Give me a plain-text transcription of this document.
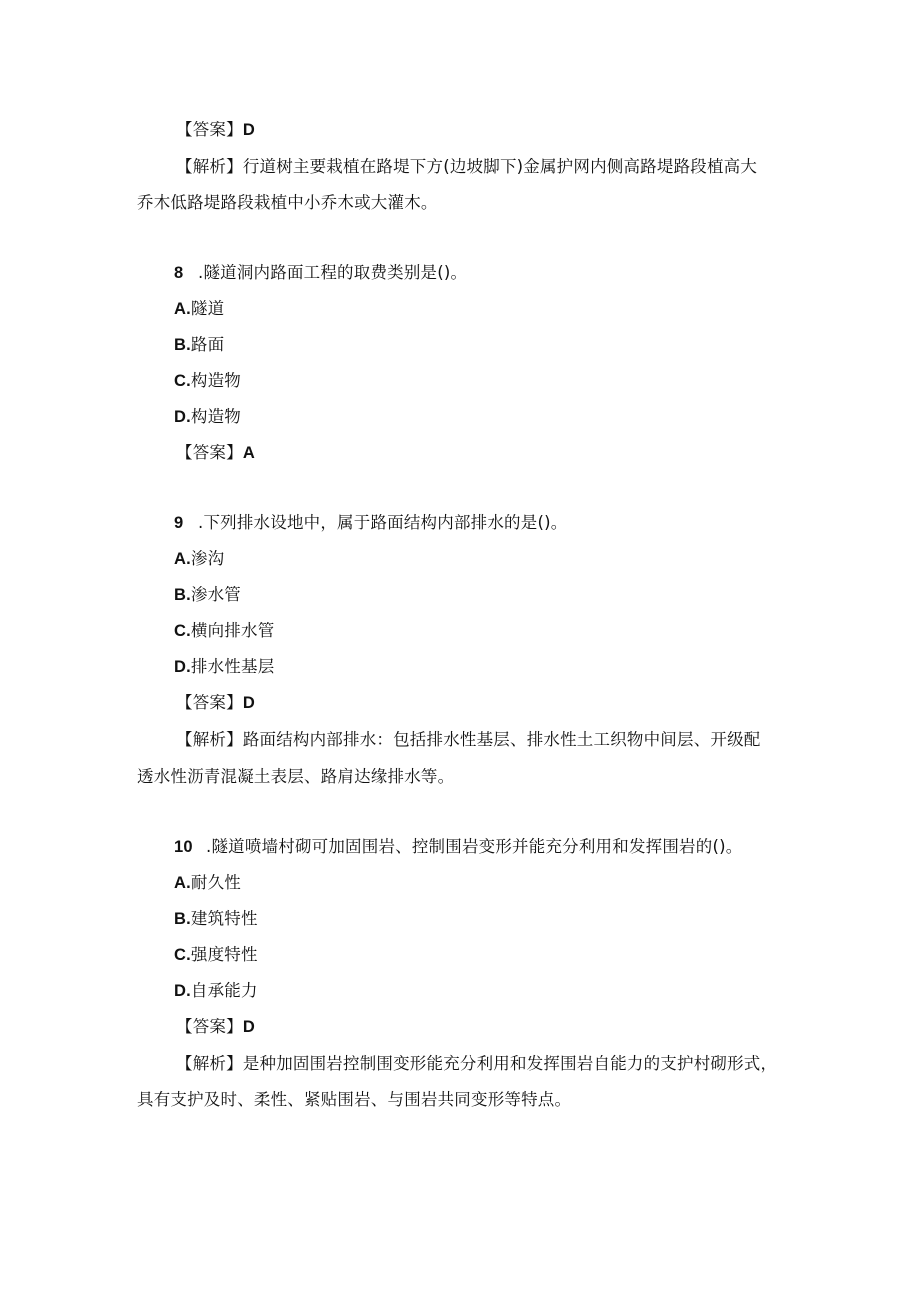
【答案】D
【解析】行道树主要栽植在路堤下方(边坡脚下)金属护网内侧高路堤路段植高大
乔木低路堤路段栽植中小乔木或大灌木。
8 .隧道洞内路面工程的取费类别是()。
A.隧道
B.路面
C.构造物
D.构造物
【答案】A
9 .下列排水设地中，属于路面结构内部排水的是()。
A.渗沟
B.渗水管
C.横向排水管
D.排水性基层
【答案】D
【解析】路面结构内部排水：包括排水性基层、排水性土工织物中间层、开级配
透水性沥青混凝土表层、路肩达缘排水等。
10 .隧道喷墙村砌可加固围岩、控制围岩变形并能充分利用和发挥围岩的()。
A.耐久性
B.建筑特性
C.强度特性
D.自承能力
【答案】D
【解析】是种加固围岩控制围变形能充分利用和发挥围岩自能力的支护村砌形式，
具有支护及时、柔性、紧贴围岩、与围岩共同变形等特点。
